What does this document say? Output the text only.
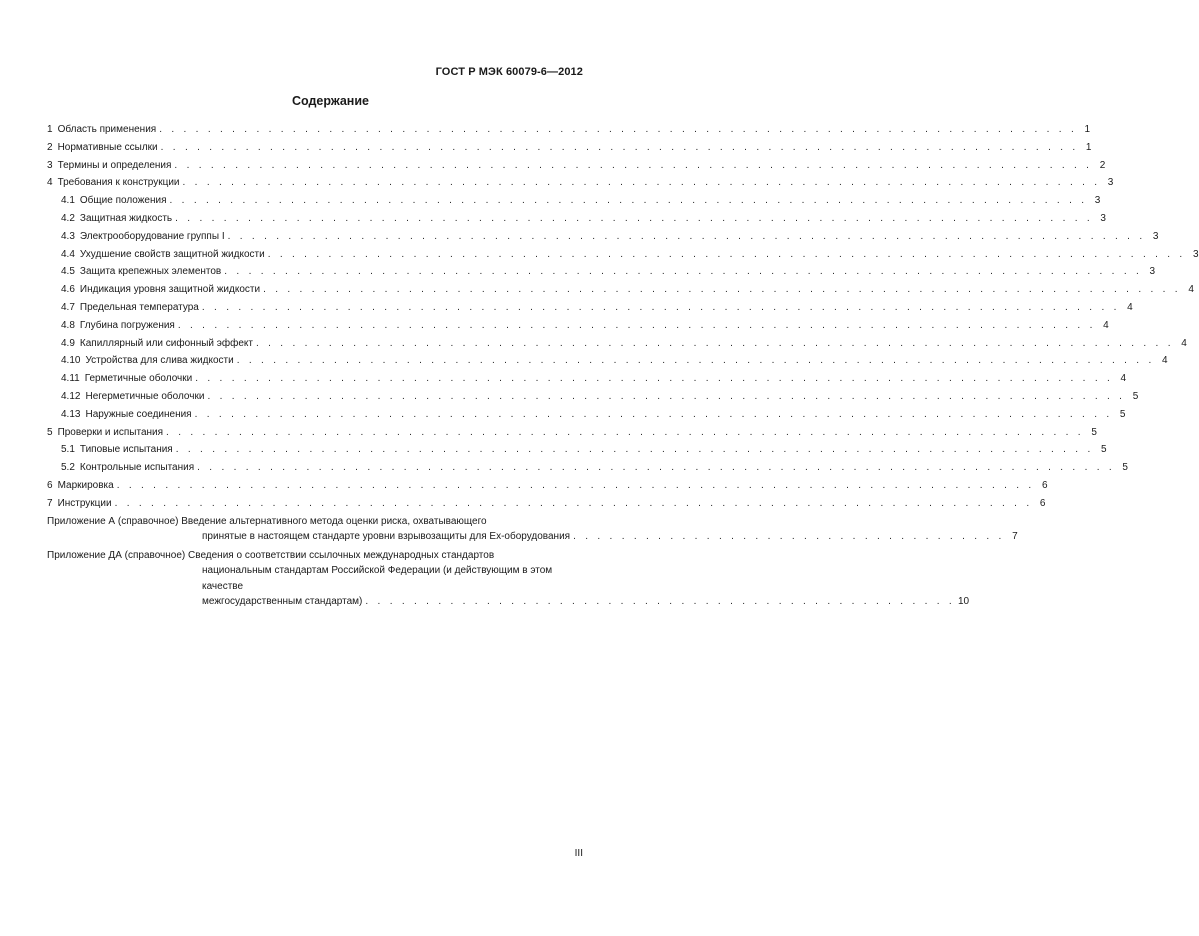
ГОСТ Р МЭК 60079-6—2012
Содержание
1 Область применения . . . . . . . . . . . . . . . . . . . . . . . . . . . . . . . . . . . . . . . . . . . . . . . . . . . . . . . . . . . . . . . . . . . . . . . . . . . . 1
2 Нормативные ссылки . . . . . . . . . . . . . . . . . . . . . . . . . . . . . . . . . . . . . . . . . . . . . . . . . . . . . . . . . . . . . . . . . . . . . . . . . . . . 1
3 Термины и определения . . . . . . . . . . . . . . . . . . . . . . . . . . . . . . . . . . . . . . . . . . . . . . . . . . . . . . . . . . . . . . . . . . . . . . . . . . . . 2
4 Требования к конструкции . . . . . . . . . . . . . . . . . . . . . . . . . . . . . . . . . . . . . . . . . . . . . . . . . . . . . . . . . . . . . . . . . . . . . . . . . . . . 3
4.1 Общие положения . . . . . . . . . . . . . . . . . . . . . . . . . . . . . . . . . . . . . . . . . . . . . . . . . . . . . . . . . . . . . . . . . . . . . . . . . . . . 3
4.2 Защитная жидкость . . . . . . . . . . . . . . . . . . . . . . . . . . . . . . . . . . . . . . . . . . . . . . . . . . . . . . . . . . . . . . . . . . . . . . . . . . . . 3
4.3 Электрооборудование группы I . . . . . . . . . . . . . . . . . . . . . . . . . . . . . . . . . . . . . . . . . . . . . . . . . . . . . . . . . . . . . . . . . . . . . . . . . . . . 3
4.4 Ухудшение свойств защитной жидкости . . . . . . . . . . . . . . . . . . . . . . . . . . . . . . . . . . . . . . . . . . . . . . . . . . . . . . . . . . . . . . . . . . . . . . . . . . . . 3
4.5 Защита крепежных элементов . . . . . . . . . . . . . . . . . . . . . . . . . . . . . . . . . . . . . . . . . . . . . . . . . . . . . . . . . . . . . . . . . . . . . . . . . . . . 3
4.6 Индикация уровня защитной жидкости . . . . . . . . . . . . . . . . . . . . . . . . . . . . . . . . . . . . . . . . . . . . . . . . . . . . . . . . . . . . . . . . . . . . . . . . . . . . 4
4.7 Предельная температура . . . . . . . . . . . . . . . . . . . . . . . . . . . . . . . . . . . . . . . . . . . . . . . . . . . . . . . . . . . . . . . . . . . . . . . . . . . . 4
4.8 Глубина погружения . . . . . . . . . . . . . . . . . . . . . . . . . . . . . . . . . . . . . . . . . . . . . . . . . . . . . . . . . . . . . . . . . . . . . . . . . . . . 4
4.9 Капиллярный или сифонный эффект . . . . . . . . . . . . . . . . . . . . . . . . . . . . . . . . . . . . . . . . . . . . . . . . . . . . . . . . . . . . . . . . . . . . . . . . . . . . 4
4.10 Устройства для слива жидкости . . . . . . . . . . . . . . . . . . . . . . . . . . . . . . . . . . . . . . . . . . . . . . . . . . . . . . . . . . . . . . . . . . . . . . . . . . . . 4
4.11 Герметичные оболочки . . . . . . . . . . . . . . . . . . . . . . . . . . . . . . . . . . . . . . . . . . . . . . . . . . . . . . . . . . . . . . . . . . . . . . . . . . . . 4
4.12 Негерметичные оболочки . . . . . . . . . . . . . . . . . . . . . . . . . . . . . . . . . . . . . . . . . . . . . . . . . . . . . . . . . . . . . . . . . . . . . . . . . . . . 5
4.13 Наружные соединения . . . . . . . . . . . . . . . . . . . . . . . . . . . . . . . . . . . . . . . . . . . . . . . . . . . . . . . . . . . . . . . . . . . . . . . . . . . . 5
5 Проверки и испытания . . . . . . . . . . . . . . . . . . . . . . . . . . . . . . . . . . . . . . . . . . . . . . . . . . . . . . . . . . . . . . . . . . . . . . . . . . . . 5
5.1 Типовые испытания . . . . . . . . . . . . . . . . . . . . . . . . . . . . . . . . . . . . . . . . . . . . . . . . . . . . . . . . . . . . . . . . . . . . . . . . . . . . 5
5.2 Контрольные испытания . . . . . . . . . . . . . . . . . . . . . . . . . . . . . . . . . . . . . . . . . . . . . . . . . . . . . . . . . . . . . . . . . . . . . . . . . . . . 5
6 Маркировка . . . . . . . . . . . . . . . . . . . . . . . . . . . . . . . . . . . . . . . . . . . . . . . . . . . . . . . . . . . . . . . . . . . . . . . . . . . . 6
7 Инструкции . . . . . . . . . . . . . . . . . . . . . . . . . . . . . . . . . . . . . . . . . . . . . . . . . . . . . . . . . . . . . . . . . . . . . . . . . . . . 6
Приложение А (справочное) Введение альтернативного метода оценки риска, охватывающего
принятые в настоящем стандарте уровни взрывозащиты для Ex-оборудования . . . . . . . . . . . . . . . . . . . . . . . . . . . . . . . . . . . . 7
Приложение ДА (справочное) Сведения о соответствии ссылочных международных стандартов
национальным стандартам Российской Федерации (и действующим в этом качестве
межгосударственным стандартам) . . . . . . . . . . . . . . . . . . . . . . . . . . . . . . . . . . . . . . . . . . . . . . . . . 10
III
